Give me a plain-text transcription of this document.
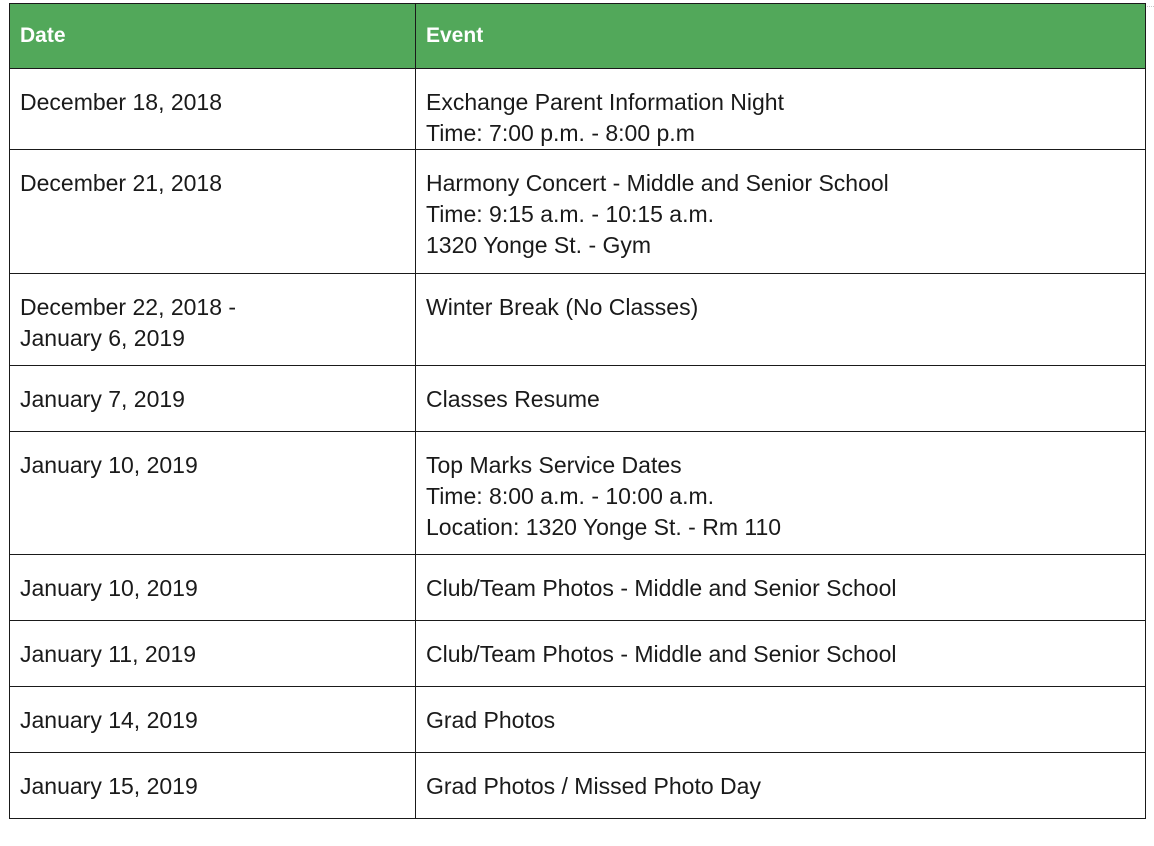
Date	Event

December 18, 2018	Exchange Parent Information Night
Time: 7:00 p.m. - 8:00 p.m

December 21, 2018	Harmony Concert - Middle and Senior School
Time: 9:15 a.m. - 10:15 a.m.
1320 Yonge St. - Gym

December 22, 2018 -
January 6, 2019	Winter Break (No Classes)

January 7, 2019	Classes Resume

January 10, 2019	Top Marks Service Dates
Time: 8:00 a.m. - 10:00 a.m.
Location: 1320 Yonge St. - Rm 110

January 10, 2019	Club/Team Photos - Middle and Senior School

January 11, 2019	Club/Team Photos - Middle and Senior School

January 14, 2019	Grad Photos

January 15, 2019	Grad Photos / Missed Photo Day
